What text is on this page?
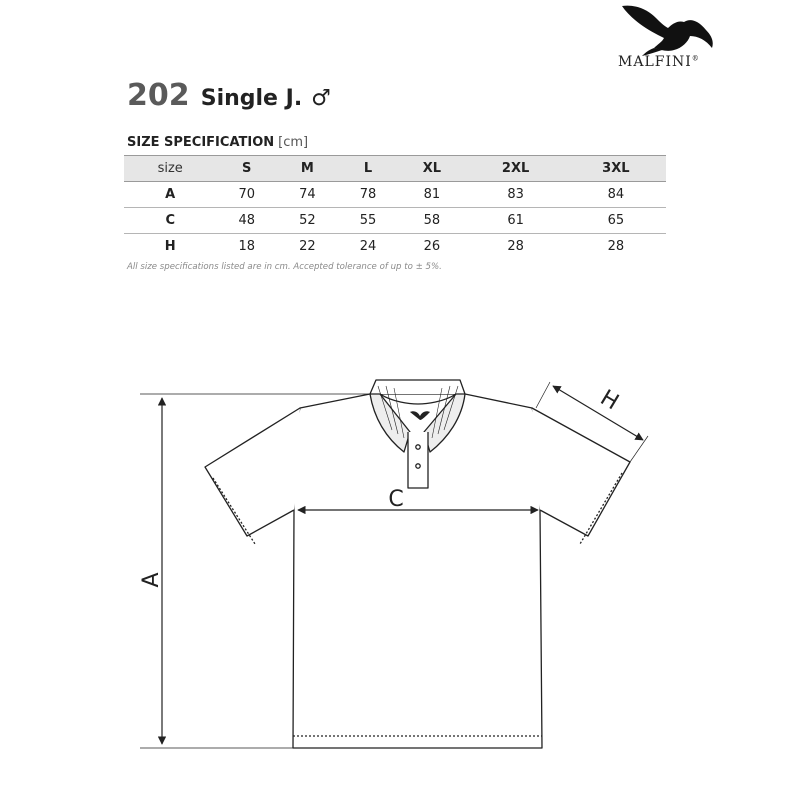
MALFINI®
202 Single J. ♂
SIZE SPECIFICATION [cm]
size	S	M	L	XL	2XL	3XL
A	70	74	78	81	83	84
C	48	52	55	58	61	65
H	18	22	24	26	28	28
All size specifications listed are in cm. Accepted tolerance of up to ± 5%.
A
C
H
